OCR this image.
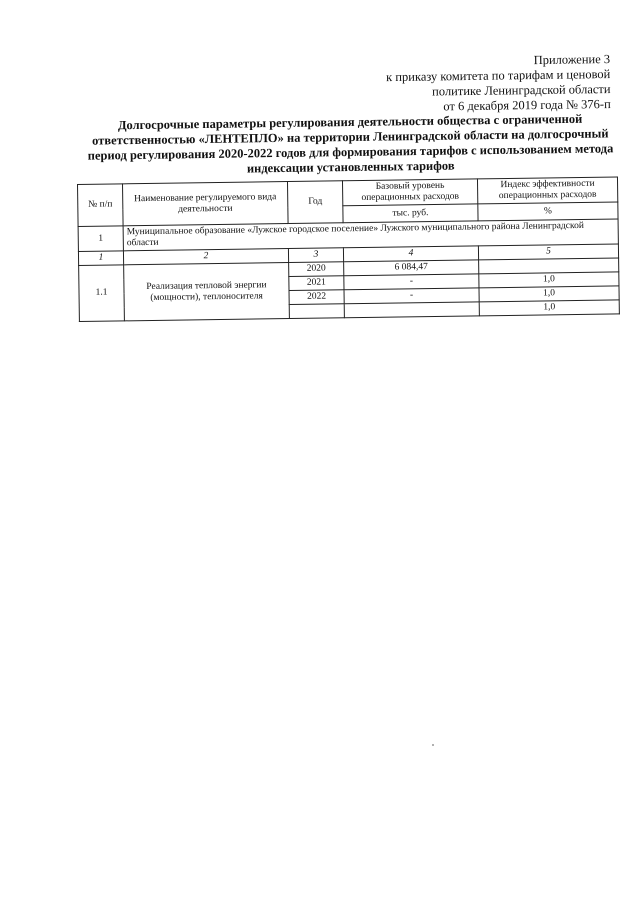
Приложение 3
к приказу комитета по тарифам и ценовой
политике Ленинградской области
от 6 декабря 2019 года № 376-п
Долгосрочные параметры регулирования деятельности общества с ограниченной
ответственностью «ЛЕНТЕПЛО» на территории Ленинградской области на долгосрочный
период регулирования 2020-2022 годов для формирования тарифов с использованием метода
индексации установленных тарифов
№ п/п	Наименование регулируемого вида деятельности	Год	Базовый уровень операционных расходов	Индекс эффективности операционных расходов
			тыс. руб.	%
1	Муниципальное образование «Лужское городское поселение» Лужского муниципального района Ленинградской области			
1	2	3	4	5
1.1	Реализация тепловой энергии (мощности), теплоносителя	2020	6 084,47	
		2021	-	1,0
		2022	-	1,0
				1,0
